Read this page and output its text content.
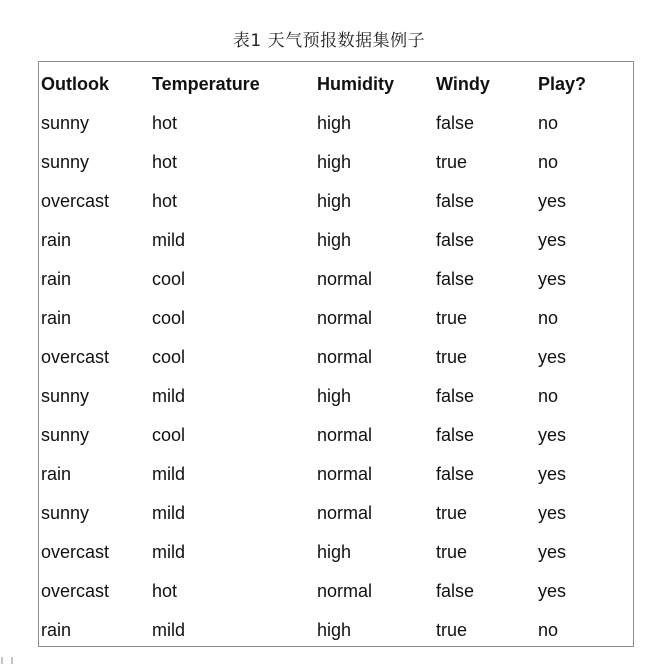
表1 天气预报数据集例子
Outlook	Temperature	Humidity	Windy	Play?
sunny	hot	high	false	no
sunny	hot	high	true	no
overcast	hot	high	false	yes
rain	mild	high	false	yes
rain	cool	normal	false	yes
rain	cool	normal	true	no
overcast	cool	normal	true	yes
sunny	mild	high	false	no
sunny	cool	normal	false	yes
rain	mild	normal	false	yes
sunny	mild	normal	true	yes
overcast	mild	high	true	yes
overcast	hot	normal	false	yes
rain	mild	high	true	no
